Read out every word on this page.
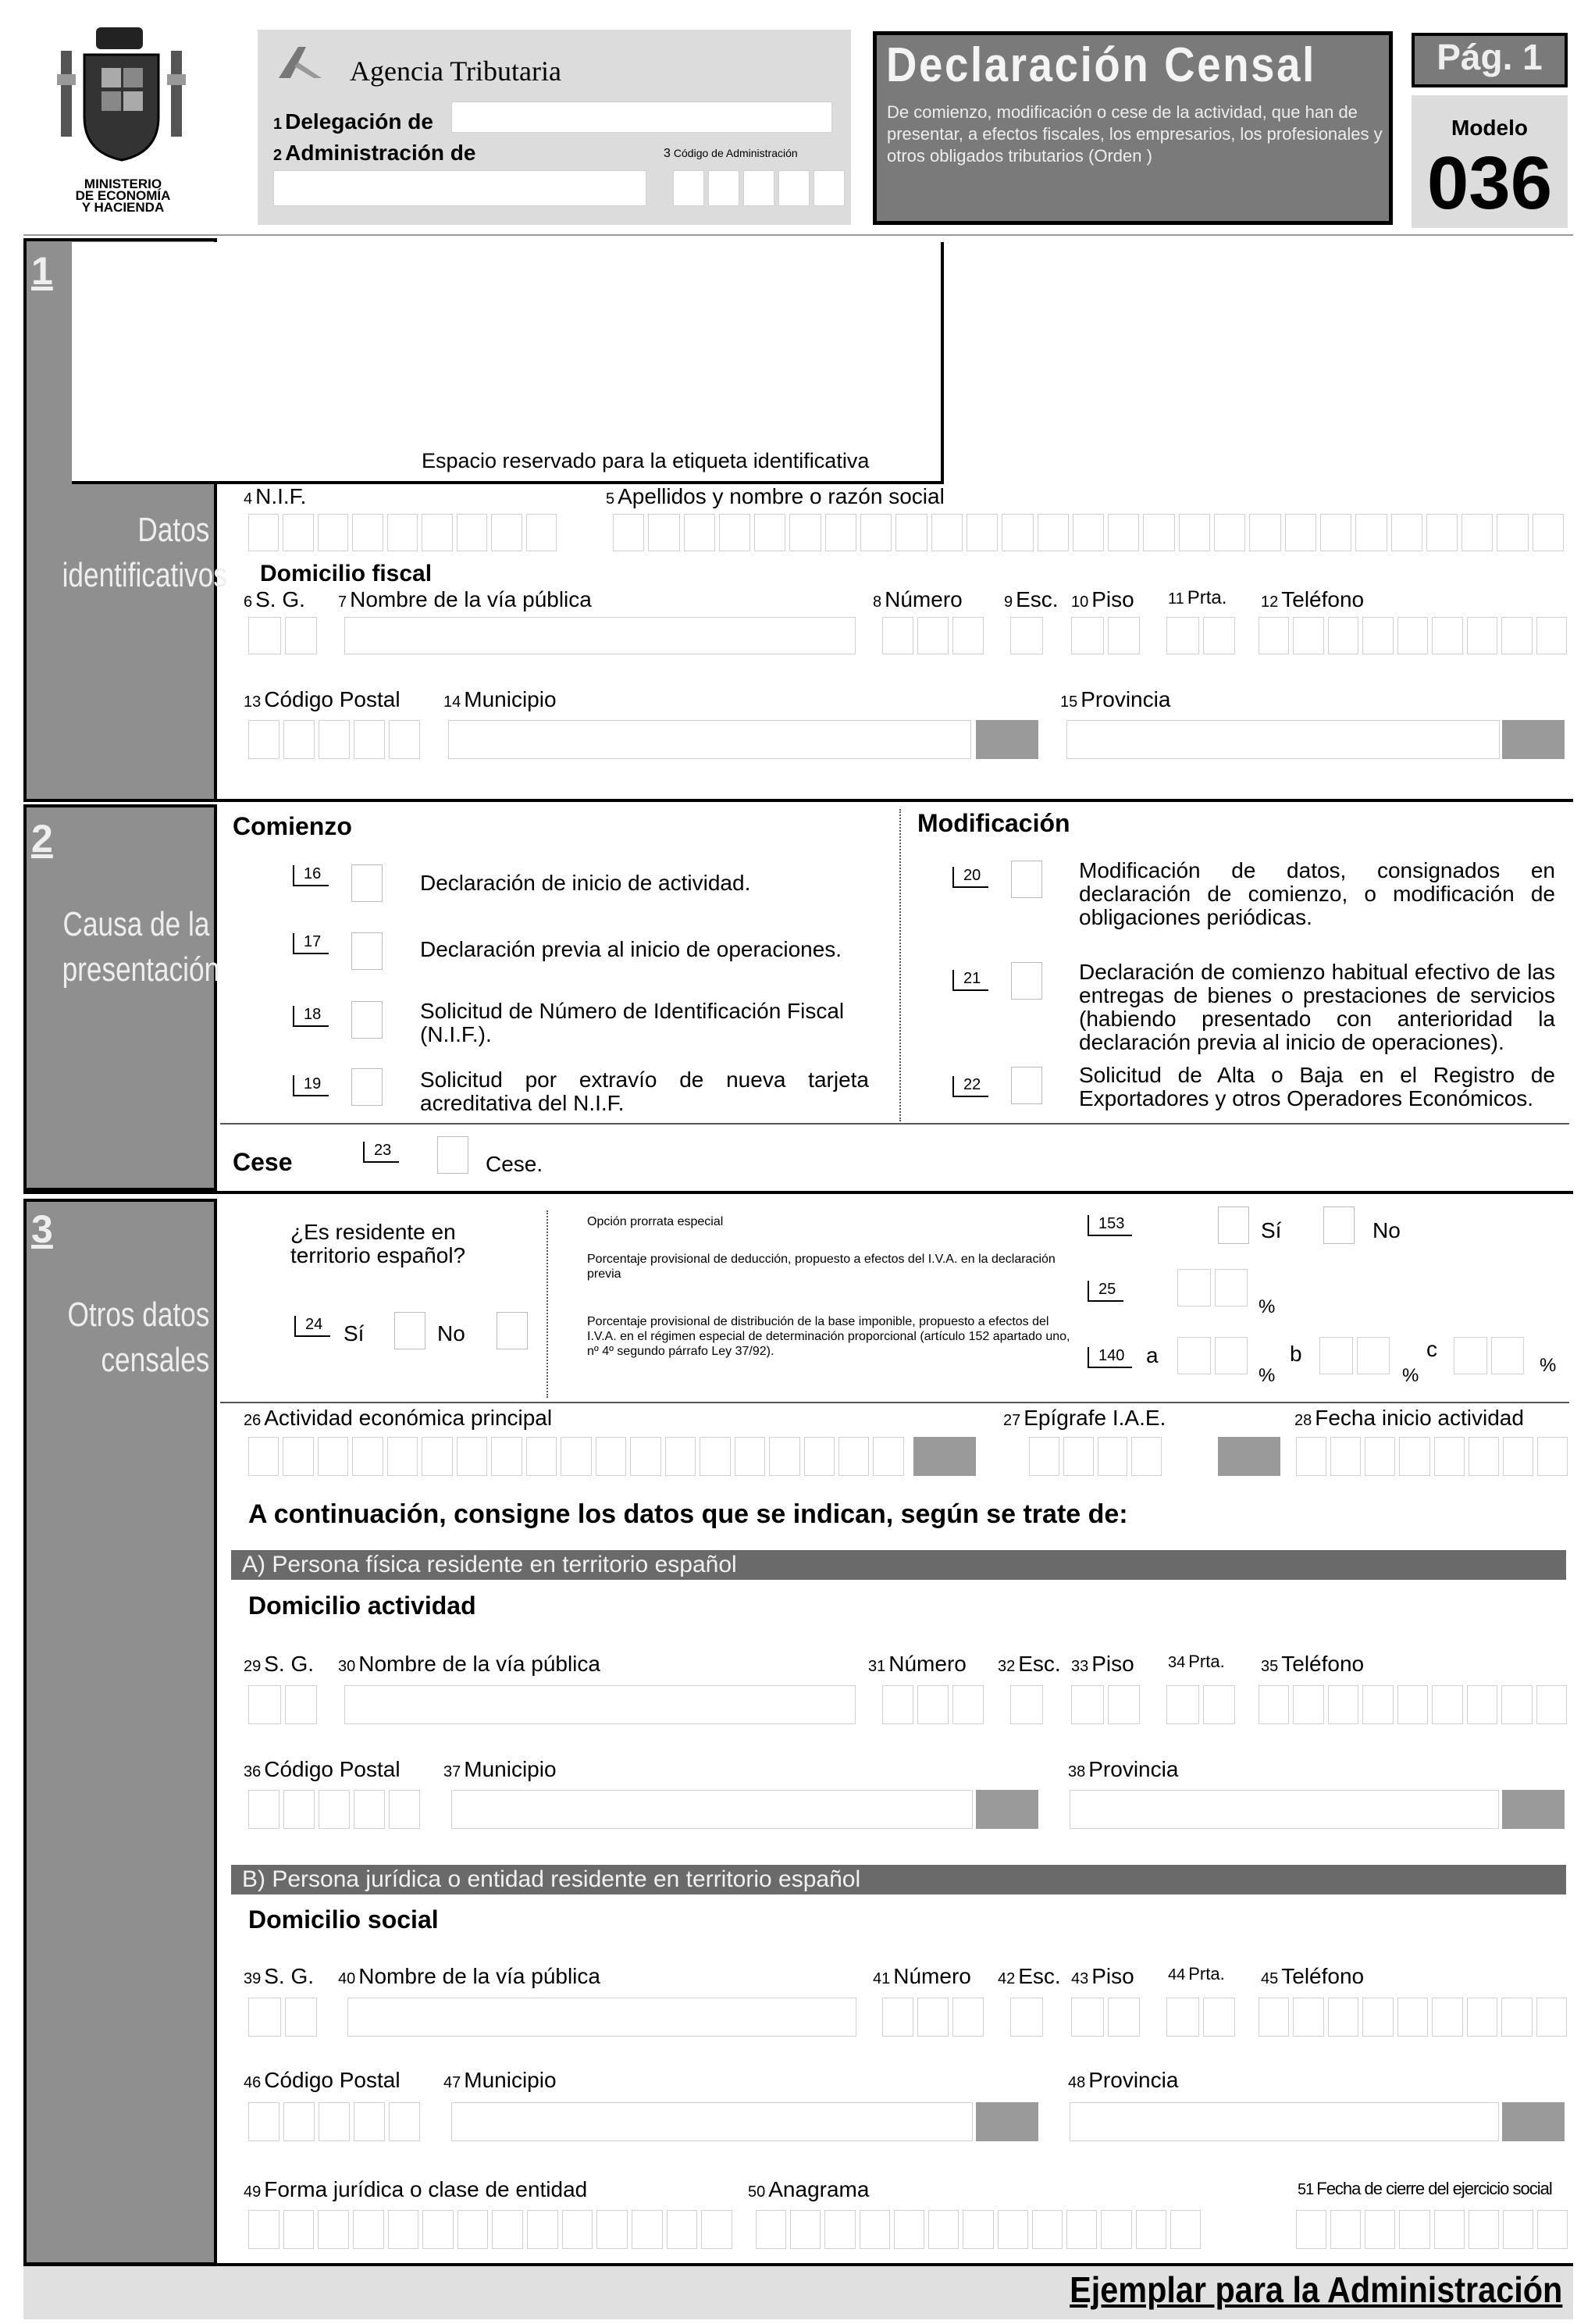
MINISTERIO
DE ECONOMÍA
Y HACIENDA
Agencia Tributaria
1 Delegación de
2 Administración de	3 Código de Administración
Declaración Censal
De comienzo, modificación o cese de la actividad, que han de presentar, a efectos fiscales, los empresarios, los profesionales y otros obligados tributarios (Orden )
Pág. 1
Modelo
036
1
Datos
identificativos
Espacio reservado para la etiqueta identificativa
4 N.I.F.	5 Apellidos y nombre o razón social
Domicilio fiscal
6 S. G. 7 Nombre de la vía pública	8 Número	9 Esc. 10 Piso 11 Prta. 12 Teléfono
13 Código Postal	14 Municipio	15 Provincia
2
Causa de la
presentación
Comienzo	Modificación
16	Declaración de inicio de actividad.
17	Declaración previa al inicio de operaciones.
18	Solicitud de Número de Identificación Fiscal (N.I.F.).
19	Solicitud por extravío de nueva tarjeta acreditativa del N.I.F.
20	Modificación de datos, consignados en declaración de comienzo, o modificación de obligaciones periódicas.
21	Declaración de comienzo habitual efectivo de las entregas de bienes o prestaciones de servicios (habiendo presentado con anterioridad la declaración previa al inicio de operaciones).
22	Solicitud de Alta o Baja en el Registro de Exportadores y otros Operadores Económicos.
Cese	23
Cese.
3
Otros datos
censales
¿Es residente en territorio español?
24 Sí	No
Opción prorrata especial
Porcentaje provisional de deducción, propuesto a efectos del I.V.A. en la declaración previa
Porcentaje provisional de distribución de la base imponible, propuesto a efectos del I.V.A. en el régimen especial de determinación proporcional (artículo 152 apartado uno, nº 4º segundo párrafo Ley 37/92).
153	Sí	No
25
%
140 a
%
b
%
c
%
26 Actividad económica principal	27 Epígrafe I.A.E.	28 Fecha inicio actividad
A continuación, consigne los datos que se indican, según se trate de:
A) Persona física residente en territorio español
Domicilio actividad
29 S. G. 30 Nombre de la vía pública	31 Número 32 Esc. 33 Piso 34 Prta. 35 Teléfono
36 Código Postal	37 Municipio	38 Provincia
B) Persona jurídica o entidad residente en territorio español
Domicilio social
39 S. G. 40 Nombre de la vía pública	41 Número 42 Esc. 43 Piso 44 Prta. 45 Teléfono
46 Código Postal	47 Municipio	48 Provincia
49 Forma jurídica o clase de entidad	50 Anagrama	51 Fecha de cierre del ejercicio social
Ejemplar para la Administración
